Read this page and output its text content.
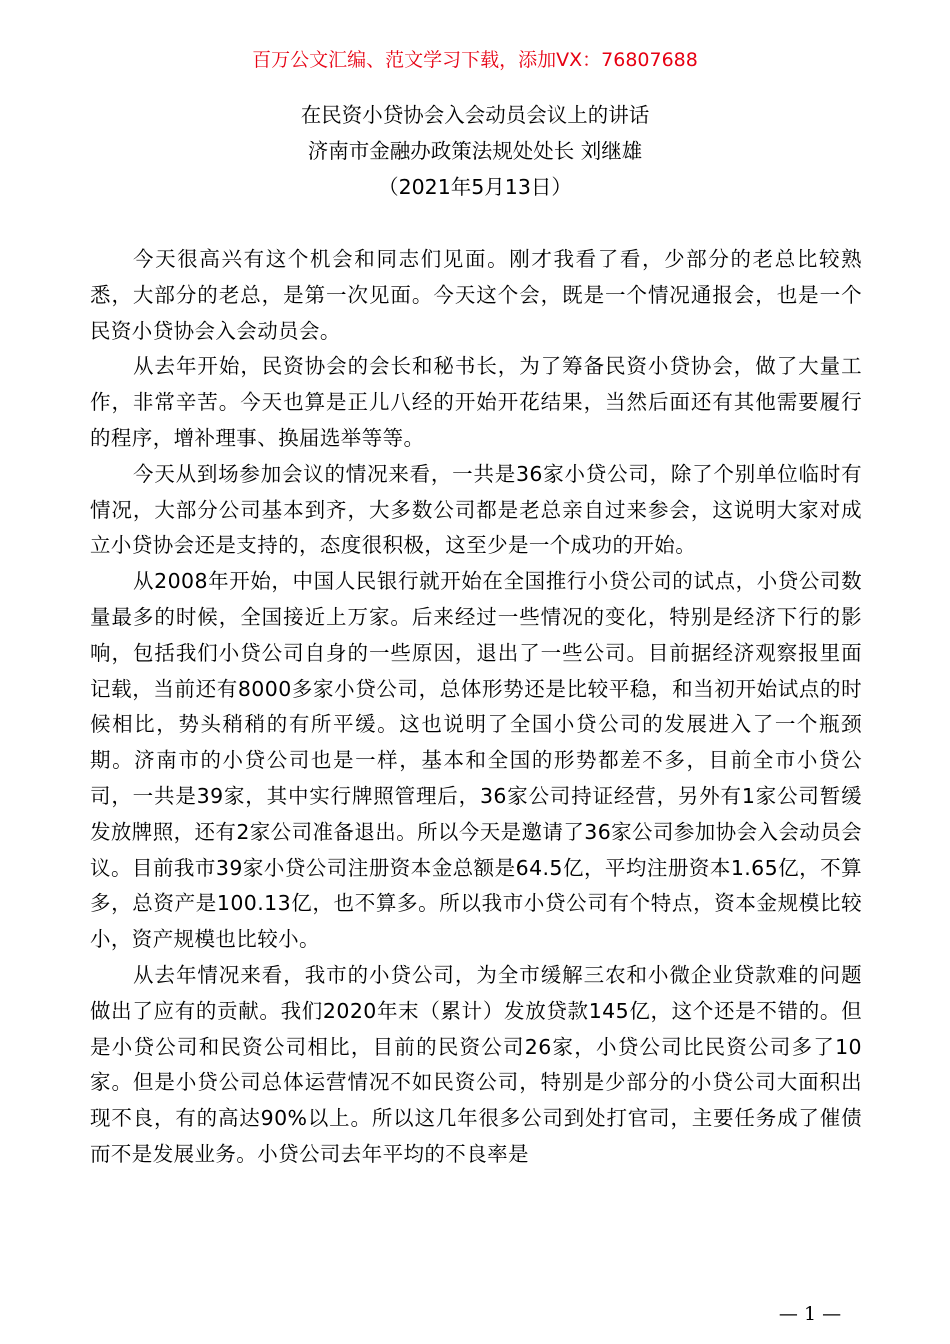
百万公文汇编、范文学习下载，添加VX：76807688
在民资小贷协会入会动员会议上的讲话
济南市金融办政策法规处处长 刘继雄
（2021年5月13日）

今天很高兴有这个机会和同志们见面。刚才我看了看，少部分的老总比较熟悉，大部分的老总，是第一次见面。今天这个会，既是一个情况通报会，也是一个民资小贷协会入会动员会。

从去年开始，民资协会的会长和秘书长，为了筹备民资小贷协会，做了大量工作，非常辛苦。今天也算是正儿八经的开始开花结果，当然后面还有其他需要履行的程序，增补理事、换届选举等等。

今天从到场参加会议的情况来看，一共是36家小贷公司，除了个别单位临时有情况，大部分公司基本到齐，大多数公司都是老总亲自过来参会，这说明大家对成立小贷协会还是支持的，态度很积极，这至少是一个成功的开始。

从2008年开始，中国人民银行就开始在全国推行小贷公司的试点，小贷公司数量最多的时候，全国接近上万家。后来经过一些情况的变化，特别是经济下行的影响，包括我们小贷公司自身的一些原因，退出了一些公司。目前据经济观察报里面记载，当前还有8000多家小贷公司，总体形势还是比较平稳，和当初开始试点的时候相比，势头稍稍的有所平缓。这也说明了全国小贷公司的发展进入了一个瓶颈期。济南市的小贷公司也是一样，基本和全国的形势都差不多，目前全市小贷公司，一共是39家，其中实行牌照管理后，36家公司持证经营，另外有1家公司暂缓发放牌照，还有2家公司准备退出。所以今天是邀请了36家公司参加协会入会动员会议。目前我市39家小贷公司注册资本金总额是64.5亿，平均注册资本1.65亿，不算多，总资产是100.13亿，也不算多。所以我市小贷公司有个特点，资本金规模比较小，资产规模也比较小。

从去年情况来看，我市的小贷公司，为全市缓解三农和小微企业贷款难的问题做出了应有的贡献。我们2020年末（累计）发放贷款145亿，这个还是不错的。但是小贷公司和民资公司相比，目前的民资公司26家，小贷公司比民资公司多了10家。但是小贷公司总体运营情况不如民资公司，特别是少部分的小贷公司大面积出现不良，有的高达90%以上。所以这几年很多公司到处打官司，主要任务成了催债而不是发展业务。小贷公司去年平均的不良率是

— 1 —
